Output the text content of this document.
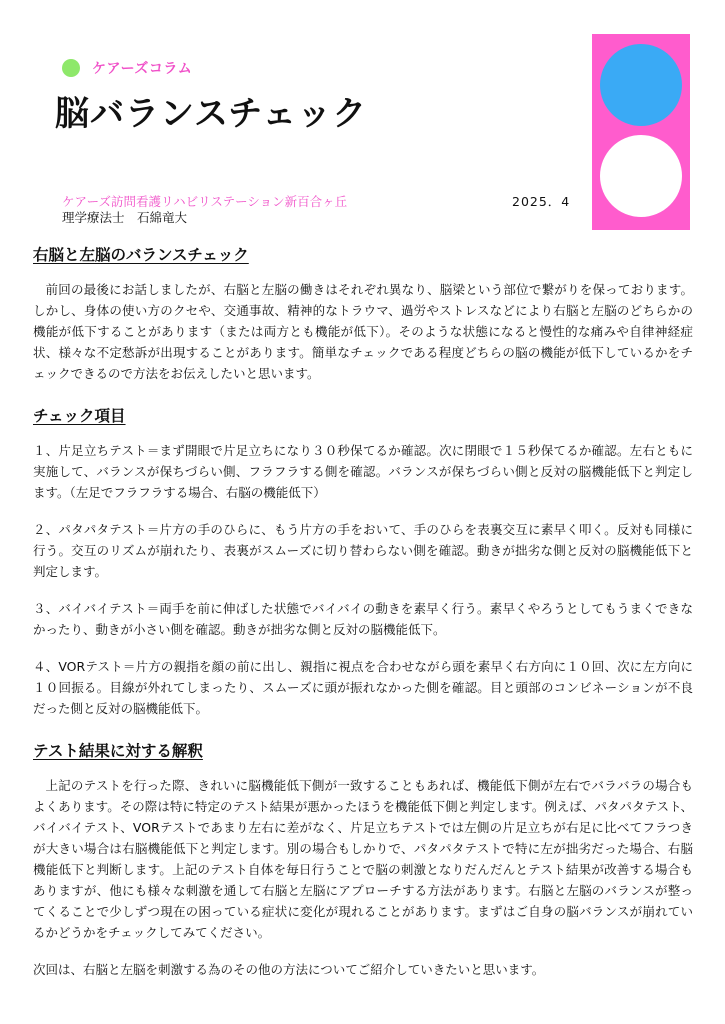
ケアーズコラム
脳バランスチェック
ケアーズ訪問看護リハビリステーション新百合ヶ丘	2025．4
理学療法士　石綿竜大
右脳と左脳のバランスチェック

前回の最後にお話しましたが、右脳と左脳の働きはそれぞれ異なり、脳梁という部位で繋がりを保っております。しかし、身体の使い方のクセや、交通事故、精神的なトラウマ、過労やストレスなどにより右脳と左脳のどちらかの機能が低下することがあります（または両方とも機能が低下）。そのような状態になると慢性的な痛みや自律神経症状、様々な不定愁訴が出現することがあります。簡単なチェックである程度どちらの脳の機能が低下しているかをチェックできるので方法をお伝えしたいと思います。

チェック項目

１、片足立ちテスト＝まず開眼で片足立ちになり３０秒保てるか確認。次に閉眼で１５秒保てるか確認。左右ともに実施して、バランスが保ちづらい側、フラフラする側を確認。バランスが保ちづらい側と反対の脳機能低下と判定します。（左足でフラフラする場合、右脳の機能低下）

２、パタパタテスト＝片方の手のひらに、もう片方の手をおいて、手のひらを表裏交互に素早く叩く。反対も同様に行う。交互のリズムが崩れたり、表裏がスムーズに切り替わらない側を確認。動きが拙劣な側と反対の脳機能低下と判定します。

３、バイバイテスト＝両手を前に伸ばした状態でバイバイの動きを素早く行う。素早くやろうとしてもうまくできなかったり、動きが小さい側を確認。動きが拙劣な側と反対の脳機能低下。

４、VORテスト＝片方の親指を顔の前に出し、親指に視点を合わせながら頭を素早く右方向に１０回、次に左方向に１０回振る。目線が外れてしまったり、スムーズに頭が振れなかった側を確認。目と頭部のコンビネーションが不良だった側と反対の脳機能低下。

テスト結果に対する解釈

上記のテストを行った際、きれいに脳機能低下側が一致することもあれば、機能低下側が左右でバラバラの場合もよくあります。その際は特に特定のテスト結果が悪かったほうを機能低下側と判定します。例えば、パタパタテスト、バイバイテスト、VORテストであまり左右に差がなく、片足立ちテストでは左側の片足立ちが右足に比べてフラつきが大きい場合は右脳機能低下と判定します。別の場合もしかりで、パタパタテストで特に左が拙劣だった場合、右脳機能低下と判断します。上記のテスト自体を毎日行うことで脳の刺激となりだんだんとテスト結果が改善する場合もありますが、他にも様々な刺激を通して右脳と左脳にアプローチする方法があります。右脳と左脳のバランスが整ってくることで少しずつ現在の困っている症状に変化が現れることがあります。まずはご自身の脳バランスが崩れているかどうかをチェックしてみてください。

次回は、右脳と左脳を刺激する為のその他の方法についてご紹介していきたいと思います。
